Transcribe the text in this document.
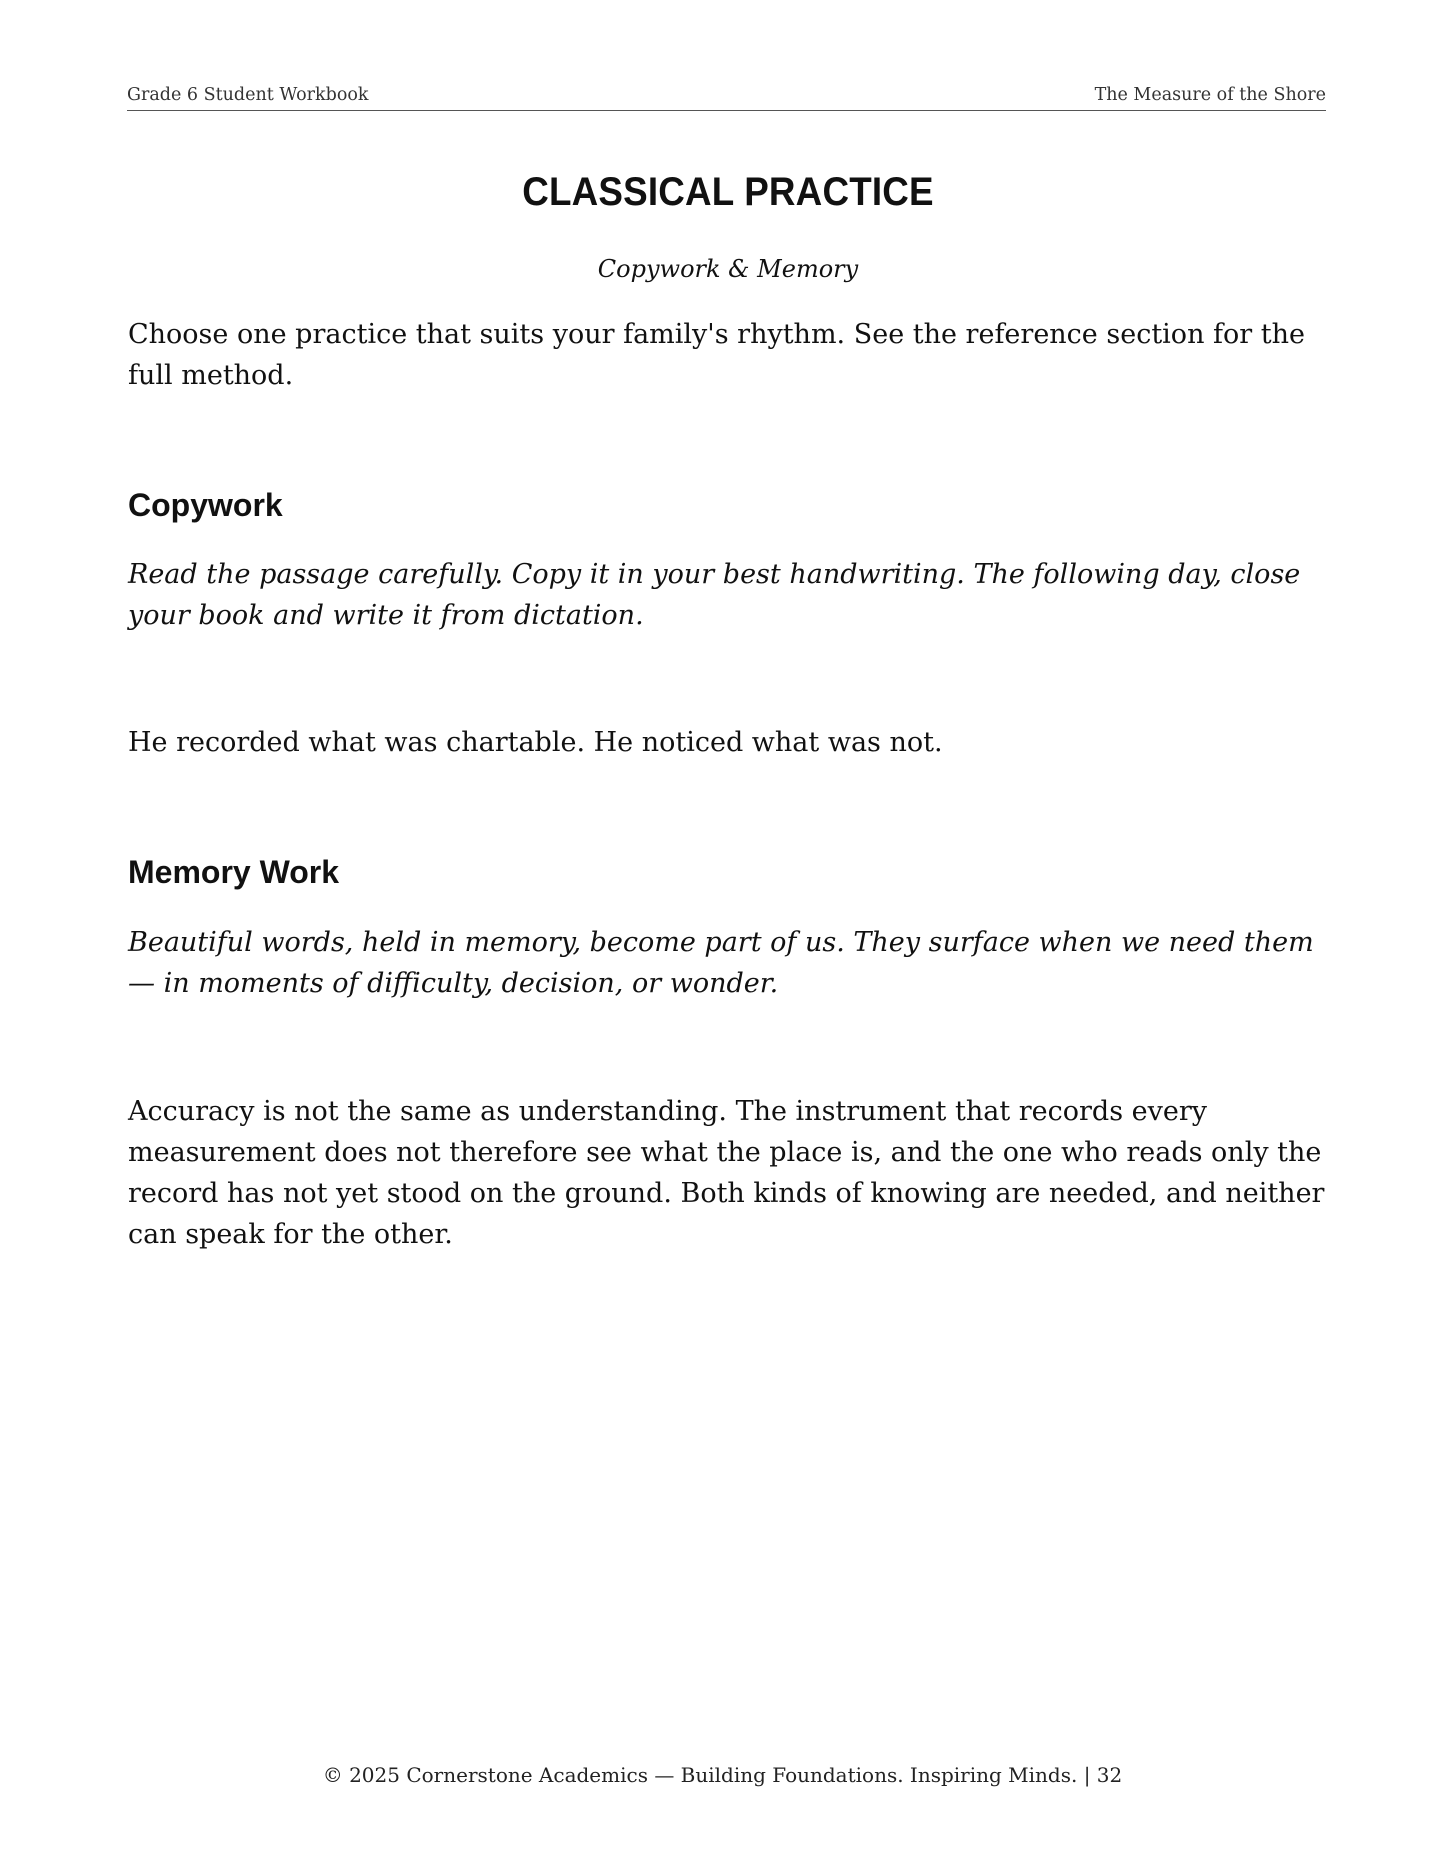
Grade 6 Student Workbook	The Measure of the Shore
CLASSICAL PRACTICE

Copywork & Memory

Choose one practice that suits your family's rhythm. See the reference section for the full method.

Copywork

Read the passage carefully. Copy it in your best handwriting. The following day, close your book and write it from dictation.

He recorded what was chartable. He noticed what was not.

Memory Work

Beautiful words, held in memory, become part of us. They surface when we need them — in moments of difficulty, decision, or wonder.

Accuracy is not the same as understanding. The instrument that records every measurement does not therefore see what the place is, and the one who reads only the record has not yet stood on the ground. Both kinds of knowing are needed, and neither can speak for the other.

© 2025 Cornerstone Academics — Building Foundations. Inspiring Minds. | 32
